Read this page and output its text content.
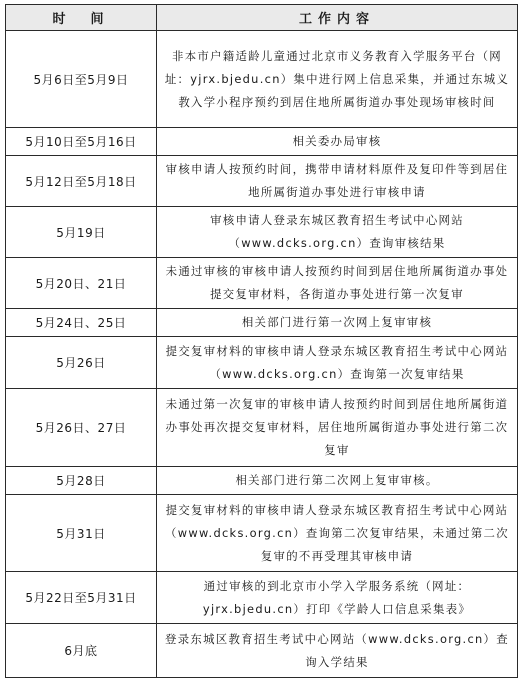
时　间	工作内容
5月6日至5月9日	非本市户籍适龄儿童通过北京市义务教育入学服务平台（网址：yjrx.bjedu.cn）集中进行网上信息采集，并通过东城义教入学小程序预约到居住地所属街道办事处现场审核时间
5月10日至5月16日	相关委办局审核
5月12日至5月18日	审核申请人按预约时间，携带申请材料原件及复印件等到居住地所属街道办事处进行审核申请
5月19日	审核申请人登录东城区教育招生考试中心网站（www.dcks.org.cn）查询审核结果
5月20日、21日	未通过审核的审核申请人按预约时间到居住地所属街道办事处提交复审材料，各街道办事处进行第一次复审
5月24日、25日	相关部门进行第一次网上复审审核
5月26日	提交复审材料的审核申请人登录东城区教育招生考试中心网站（www.dcks.org.cn）查询第一次复审结果
5月26日、27日	未通过第一次复审的审核申请人按预约时间到居住地所属街道办事处再次提交复审材料，居住地所属街道办事处进行第二次复审
5月28日	相关部门进行第二次网上复审审核。
5月31日	提交复审材料的审核申请人登录东城区教育招生考试中心网站（www.dcks.org.cn）查询第二次复审结果，未通过第二次复审的不再受理其审核申请
5月22日至5月31日	通过审核的到北京市小学入学服务系统（网址：yjrx.bjedu.cn）打印《学龄人口信息采集表》
6月底	登录东城区教育招生考试中心网站（www.dcks.org.cn）查询入学结果
